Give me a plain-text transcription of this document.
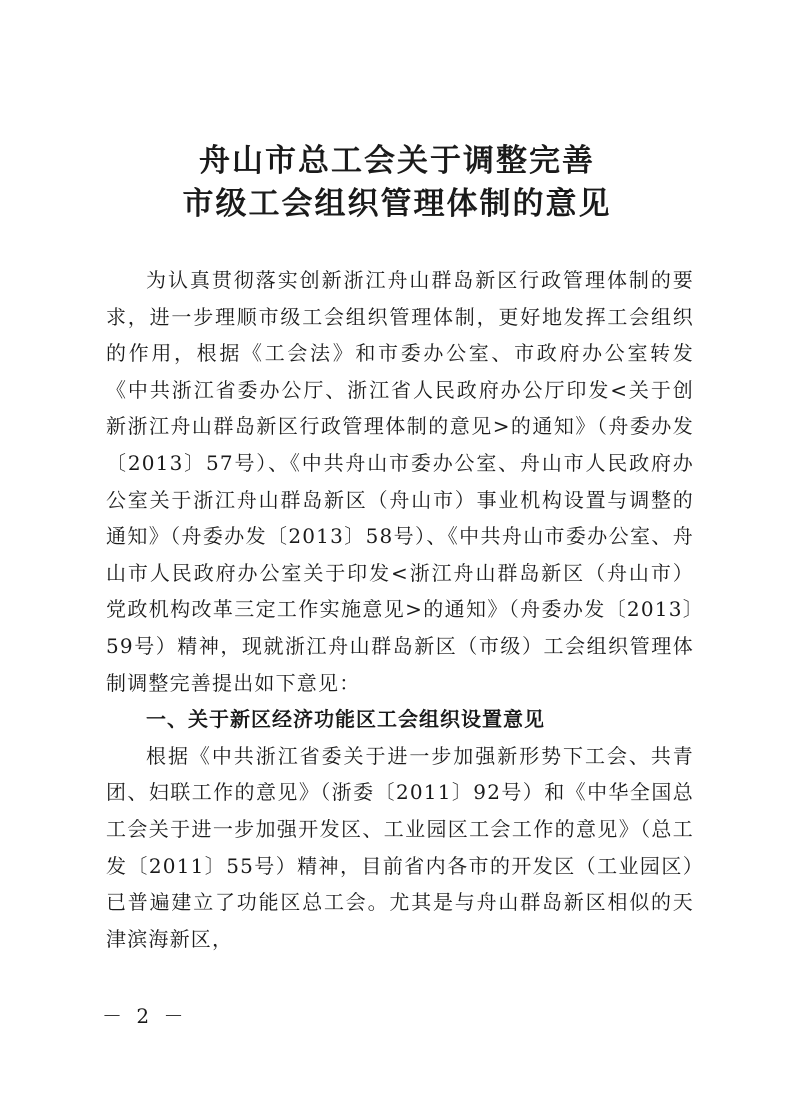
舟山市总工会关于调整完善
市级工会组织管理体制的意见

为认真贯彻落实创新浙江舟山群岛新区行政管理体制的要求，进一步理顺市级工会组织管理体制，更好地发挥工会组织的作用，根据《工会法》和市委办公室、市政府办公室转发《中共浙江省委办公厅、浙江省人民政府办公厅印发<关于创新浙江舟山群岛新区行政管理体制的意见>的通知》（舟委办发〔2013〕57号）、《中共舟山市委办公室、舟山市人民政府办公室关于浙江舟山群岛新区（舟山市）事业机构设置与调整的通知》（舟委办发〔2013〕58号）、《中共舟山市委办公室、舟山市人民政府办公室关于印发<浙江舟山群岛新区（舟山市）党政机构改革三定工作实施意见>的通知》（舟委办发〔2013〕59号）精神，现就浙江舟山群岛新区（市级）工会组织管理体制调整完善提出如下意见：

一、关于新区经济功能区工会组织设置意见

根据《中共浙江省委关于进一步加强新形势下工会、共青团、妇联工作的意见》（浙委〔2011〕92号）和《中华全国总工会关于进一步加强开发区、工业园区工会工作的意见》（总工发〔2011〕55号）精神，目前省内各市的开发区（工业园区）已普遍建立了功能区总工会。尤其是与舟山群岛新区相似的天津滨海新区，

－ 2 －
